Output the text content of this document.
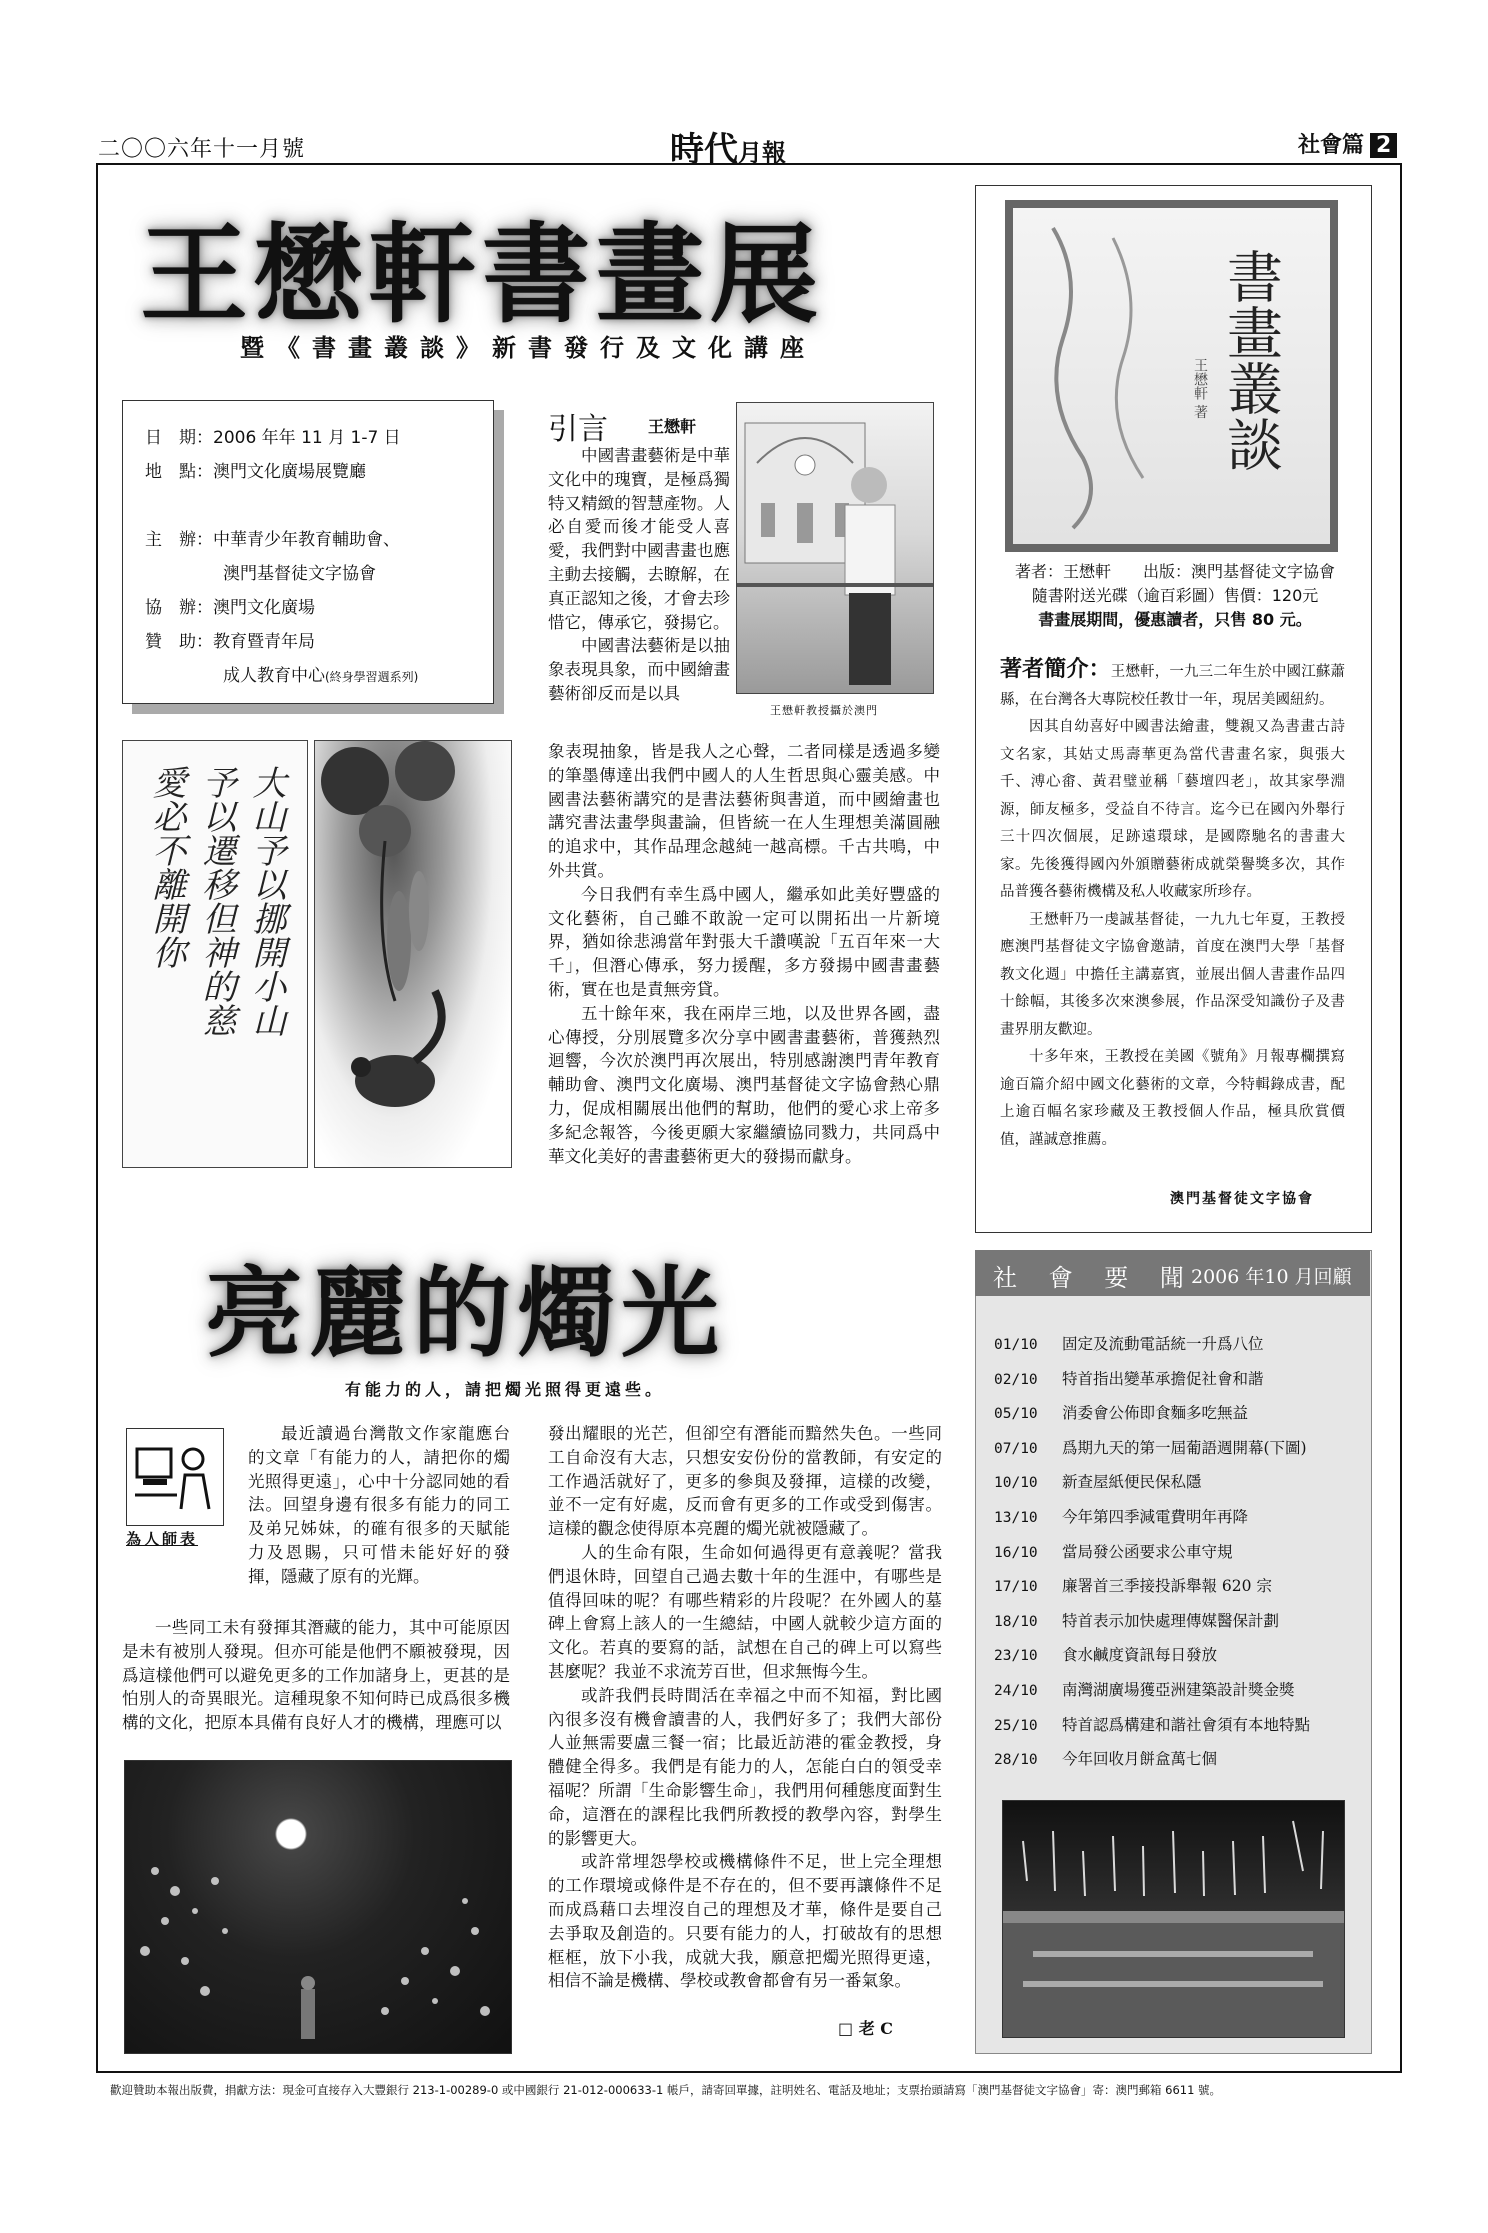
二〇〇六年十一月號	時代月報	社會篇 2
王懋軒書畫展
暨《書畫叢談》新書發行及文化講座
日　期：2006 年年 11 月 1-7 日
地　點：澳門文化廣場展覽廳
主　辦：中華青少年教育輔助會、
澳門基督徒文字協會
協　辦：澳門文化廣場
贊　助：教育暨青年局
成人教育中心(終身學習週系列)
引言	王懋軒

中國書畫藝術是中華文化中的瑰寶，是極爲獨特又精緻的智慧產物。人必自愛而後才能受人喜愛，我們對中國書畫也應主動去接觸，去瞭解，在真正認知之後，才會去珍惜它，傳承它，發揚它。

中國書法藝術是以抽象表現具象，而中國繪畫藝術卻反而是以具

象表現抽象，皆是我人之心聲，二者同樣是透過多變的筆墨傳達出我們中國人的人生哲思與心靈美感。中國書法藝術講究的是書法藝術與書道，而中國繪畫也講究書法畫學與畫論，但皆統一在人生理想美滿圓融的追求中，其作品理念越純一越高標。千古共鳴，中外共賞。

今日我們有幸生爲中國人，繼承如此美好豐盛的文化藝術，自己雖不敢說一定可以開拓出一片新境界，猶如徐悲鴻當年對張大千讚嘆說「五百年來一大千」，但潛心傳承，努力援醒，多方發揚中國書畫藝術，實在也是責無旁貸。

五十餘年來，我在兩岸三地，以及世界各國，盡心傳授，分別展覽多次分享中國書畫藝術，普獲熱烈迴響，今次於澳門再次展出，特別感謝澳門青年教育輔助會、澳門文化廣場、澳門基督徒文字協會熱心鼎力，促成相關展出他們的幫助，他們的愛心求上帝多多紀念報答，今後更願大家繼續協同戮力，共同爲中華文化美好的書畫藝術更大的發揚而獻身。

王懋軒教授攝於澳門
大山予以挪開小山
予以遷移但神的慈
愛必不離開你
書畫叢談
王懋軒 著
著者：王懋軒　　出版：澳門基督徒文字協會
隨書附送光碟（逾百彩圖）售價：120元
書畫展期間，優惠讀者，只售 80 元。

著者簡介：王懋軒，一九三二年生於中國江蘇蕭縣，在台灣各大專院校任教廿一年，現居美國紐約。

因其自幼喜好中國書法繪畫，雙親又為書畫古詩文名家，其姑丈馬壽華更為當代書畫名家，與張大千、溥心畬、黃君璧並稱「藝壇四老」，故其家學淵源，師友極多，受益自不待言。迄今已在國內外舉行三十四次個展，足跡遠環球，是國際馳名的書畫大家。先後獲得國內外頒贈藝術成就榮譽獎多次，其作品普獲各藝術機構及私人收藏家所珍存。

王懋軒乃一虔誠基督徒，一九九七年夏，王教授應澳門基督徒文字協會邀請，首度在澳門大學「基督教文化週」中擔任主講嘉賓，並展出個人書畫作品四十餘幅，其後多次來澳參展，作品深受知識份子及書畫界朋友歡迎。

十多年來，王教授在美國《號角》月報專欄撰寫逾百篇介紹中國文化藝術的文章，今特輯錄成書，配上逾百幅名家珍藏及王教授個人作品，極具欣賞價值，謹誠意推薦。

澳門基督徒文字協會
亮麗的燭光
有能力的人，請把燭光照得更遠些。
為人師表

最近讀過台灣散文作家龍應台的文章「有能力的人，請把你的燭光照得更遠」，心中十分認同她的看法。回望身邊有很多有能力的同工及弟兄姊妹，的確有很多的天賦能力及恩賜，只可惜未能好好的發揮，隱藏了原有的光輝。

一些同工未有發揮其潛藏的能力，其中可能原因是未有被別人發現。但亦可能是他們不願被發現，因爲這樣他們可以避免更多的工作加諸身上，更甚的是怕別人的奇異眼光。這種現象不知何時已成爲很多機構的文化，把原本具備有良好人才的機構，理應可以

發出耀眼的光芒，但卻空有潛能而黯然失色。一些同工自命沒有大志，只想安安份份的當教師，有安定的工作過活就好了，更多的參與及發揮，這樣的改變，並不一定有好處，反而會有更多的工作或受到傷害。這樣的觀念使得原本亮麗的燭光就被隱藏了。

人的生命有限，生命如何過得更有意義呢？當我們退休時，回望自己過去數十年的生涯中，有哪些是值得回味的呢？有哪些精彩的片段呢？在外國人的墓碑上會寫上該人的一生總結，中國人就較少這方面的文化。若真的要寫的話，試想在自己的碑上可以寫些甚麼呢？我並不求流芳百世，但求無悔今生。

或許我們長時間活在幸福之中而不知福，對比國內很多沒有機會讀書的人，我們好多了；我們大部份人並無需要盧三餐一宿；比最近訪港的霍金教授，身體健全得多。我們是有能力的人，怎能白白的領受幸福呢？所謂「生命影響生命」，我們用何種態度面對生命，這潛在的課程比我們所教授的教學內容，對學生的影響更大。

或許常埋怨學校或機構條件不足，世上完全理想的工作環境或條件是不存在的，但不要再讓條件不足而成爲藉口去埋沒自己的理想及才華，條件是要自己去爭取及創造的。只要有能力的人，打破故有的思想框框，放下小我，成就大我，願意把燭光照得更遠，相信不論是機構、學校或教會都會有另一番氣象。

□ 老 C
社 會 要 聞
2006 年10 月回顧
01/10 固定及流動電話統一升爲八位
02/10 特首指出變革承擔促社會和諧
05/10 消委會公佈即食麵多吃無益
07/10 爲期九天的第一屆葡語週開幕(下圖)
10/10 新查屋紙便民保私隱
13/10 今年第四季減電費明年再降
16/10 當局發公函要求公車守規
17/10 廉署首三季接投訴舉報 620 宗
18/10 特首表示加快處理傳媒醫保計劃
23/10 食水鹹度資訊每日發放
24/10 南灣湖廣場獲亞洲建築設計獎金獎
25/10 特首認爲構建和諧社會須有本地特點
28/10 今年回收月餅盒萬七個
歡迎贊助本報出版費，捐獻方法：現金可直接存入大豐銀行 213-1-00289-0 或中國銀行 21-012-000633-1 帳戶，請寄回單據，註明姓名、電話及地址；支票抬頭請寫「澳門基督徒文字協會」寄：澳門郵箱 6611 號。
